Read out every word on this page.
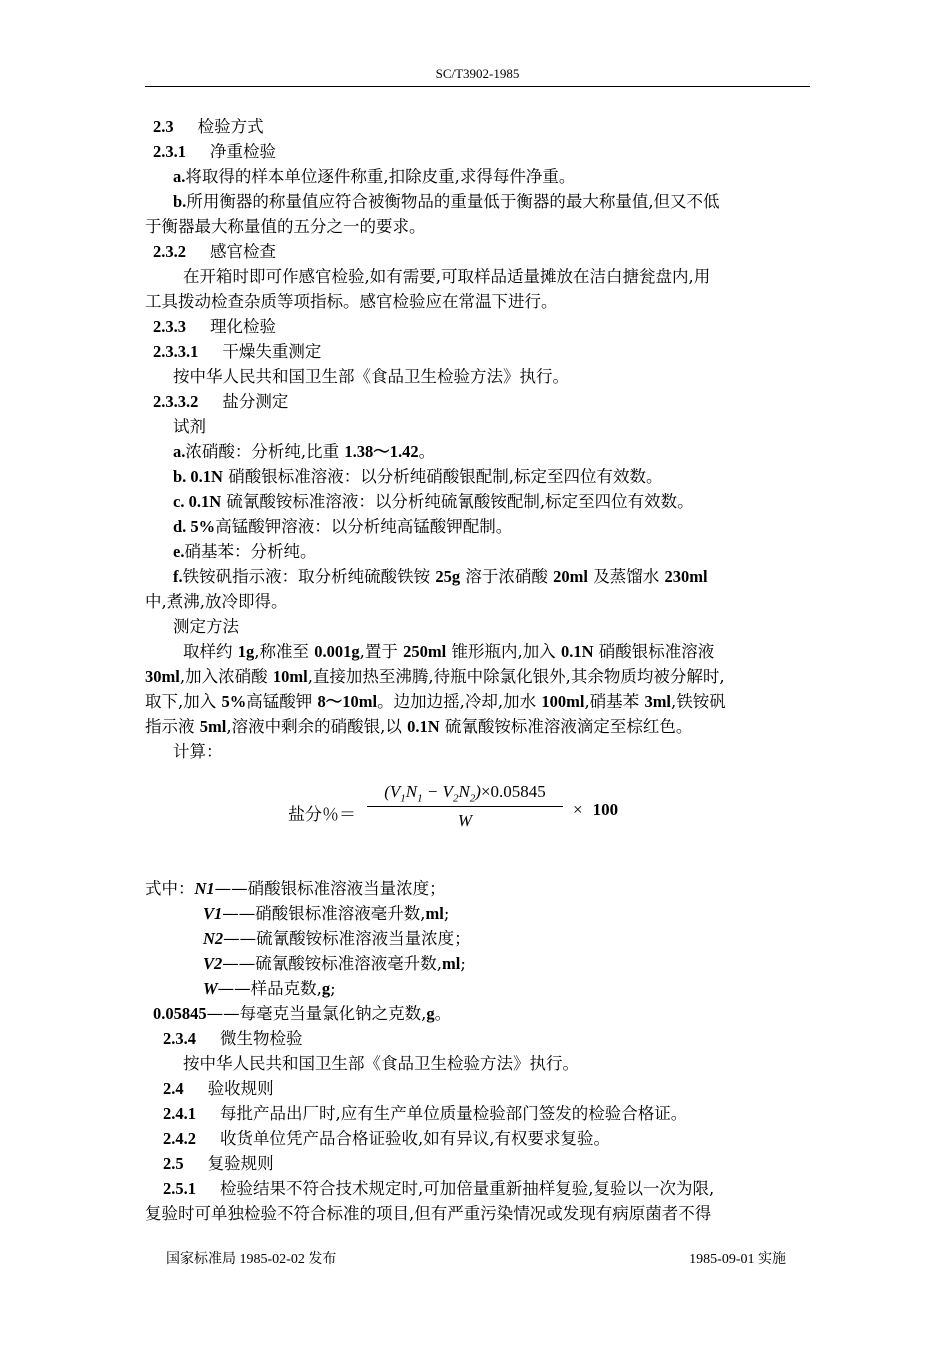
SC/T3902-1985
2.3 检验方式
2.3.1 净重检验
a.将取得的样本单位逐件称重,扣除皮重,求得每件净重。
b.所用衡器的称量值应符合被衡物品的重量低于衡器的最大称量值,但又不低
于衡器最大称量值的五分之一的要求。
2.3.2 感官检查
在开箱时即可作感官检验,如有需要,可取样品适量摊放在洁白搪瓮盘内,用
工具拨动检查杂质等项指标。感官检验应在常温下进行。
2.3.3 理化检验
2.3.3.1 干燥失重测定
按中华人民共和国卫生部《食品卫生检验方法》执行。
2.3.3.2 盐分测定
试剂
a.浓硝酸：分析纯,比重 1.38～1.42。
b. 0.1N 硝酸银标准溶液：以分析纯硝酸银配制,标定至四位有效数。
c. 0.1N 硫氰酸铵标准溶液：以分析纯硫氰酸铵配制,标定至四位有效数。
d. 5%高锰酸钾溶液：以分析纯高锰酸钾配制。
e.硝基苯：分析纯。
f.铁铵矾指示液：取分析纯硫酸铁铵 25g 溶于浓硝酸 20ml 及蒸馏水 230ml
中,煮沸,放冷即得。
测定方法
取样约 1g,称准至 0.001g,置于 250ml 锥形瓶内,加入 0.1N 硝酸银标准溶液
30ml,加入浓硝酸 10ml,直接加热至沸腾,待瓶中除氯化银外,其余物质均被分解时,
取下,加入 5%高锰酸钾 8～10ml。边加边摇,冷却,加水 100ml,硝基苯 3ml,铁铵矾
指示液 5ml,溶液中剩余的硝酸银,以 0.1N 硫氰酸铵标准溶液滴定至棕红色。
计算：
盐分％＝
$(V_1N_1 - V_2N_2)\times 0.05845$
W
× 100
式中：N1——硝酸银标准溶液当量浓度；
V1——硝酸银标准溶液毫升数,ml;
N2——硫氰酸铵标准溶液当量浓度；
V2——硫氰酸铵标准溶液毫升数,ml;
W——样品克数,g;
0.05845——每毫克当量氯化钠之克数,g。
2.3.4 微生物检验
按中华人民共和国卫生部《食品卫生检验方法》执行。
2.4 验收规则
2.4.1 每批产品出厂时,应有生产单位质量检验部门签发的检验合格证。
2.4.2 收货单位凭产品合格证验收,如有异议,有权要求复验。
2.5 复验规则
2.5.1 检验结果不符合技术规定时,可加倍量重新抽样复验,复验以一次为限,
复验时可单独检验不符合标准的项目,但有严重污染情况或发现有病原菌者不得
国家标准局 1985-02-02 发布	1985-09-01 实施
